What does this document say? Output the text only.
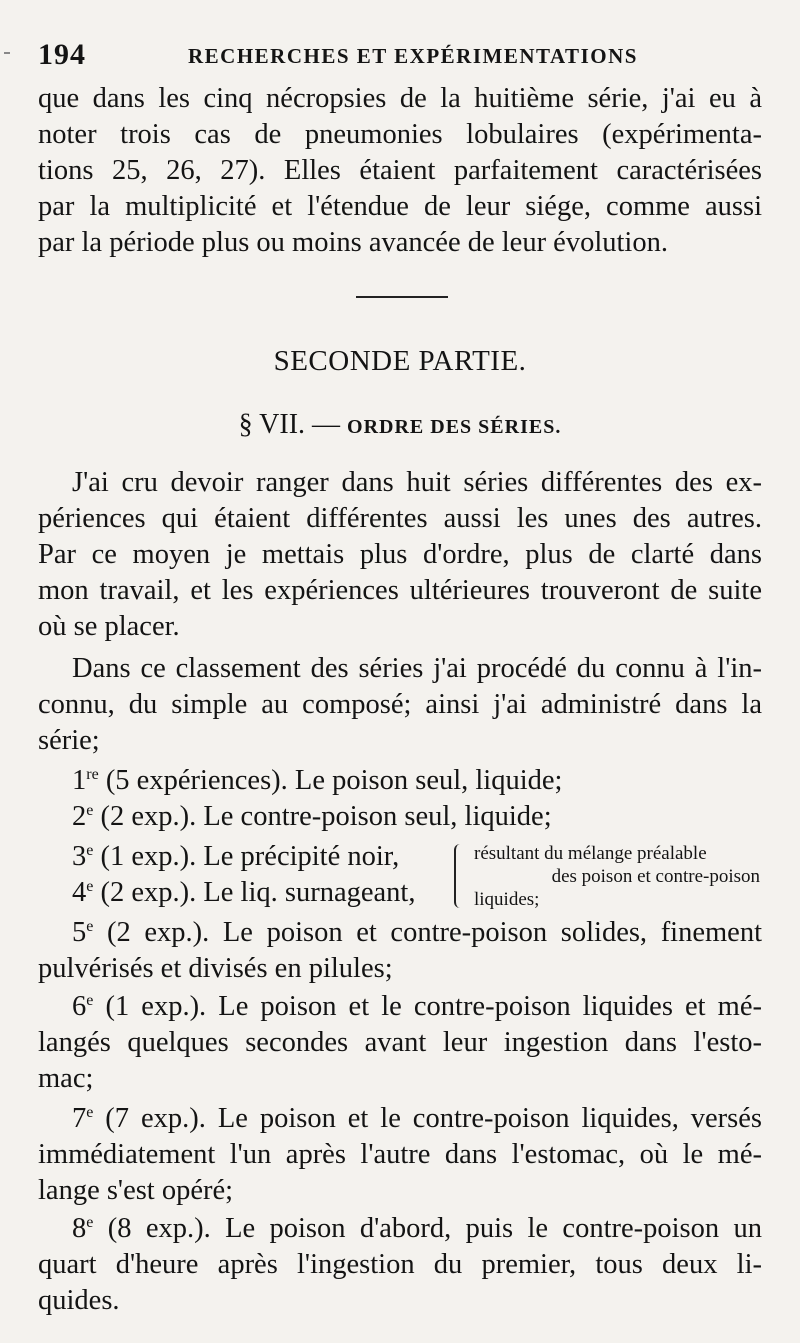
194	RECHERCHES ET EXPÉRIMENTATIONS
que dans les cinq nécropsies de la huitième série, j'ai eu à
noter trois cas de pneumonies lobulaires (expérimenta-
tions 25, 26, 27). Elles étaient parfaitement caractérisées
par la multiplicité et l'étendue de leur siége, comme aussi
par la période plus ou moins avancée de leur évolution.
SECONDE PARTIE.
§ VII. — ORDRE DES SÉRIES.
J'ai cru devoir ranger dans huit séries différentes des ex-
périences qui étaient différentes aussi les unes des autres.
Par ce moyen je mettais plus d'ordre, plus de clarté dans
mon travail, et les expériences ultérieures trouveront de suite
où se placer.
Dans ce classement des séries j'ai procédé du connu à l'in-
connu, du simple au composé; ainsi j'ai administré dans la
série;
1re (5 expériences). Le poison seul, liquide;
2e (2 exp.). Le contre-poison seul, liquide;
3e (1 exp.). Le précipité noir,
4e (2 exp.). Le liq. surnageant,
résultant du mélange préalable
des poison et contre-poison
liquides;
5e (2 exp.). Le poison et contre-poison solides, finement
pulvérisés et divisés en pilules;
6e (1 exp.). Le poison et le contre-poison liquides et mé-
langés quelques secondes avant leur ingestion dans l'esto-
mac;
7e (7 exp.). Le poison et le contre-poison liquides, versés
immédiatement l'un après l'autre dans l'estomac, où le mé-
lange s'est opéré;
8e (8 exp.). Le poison d'abord, puis le contre-poison un
quart d'heure après l'ingestion du premier, tous deux li-
quides.
